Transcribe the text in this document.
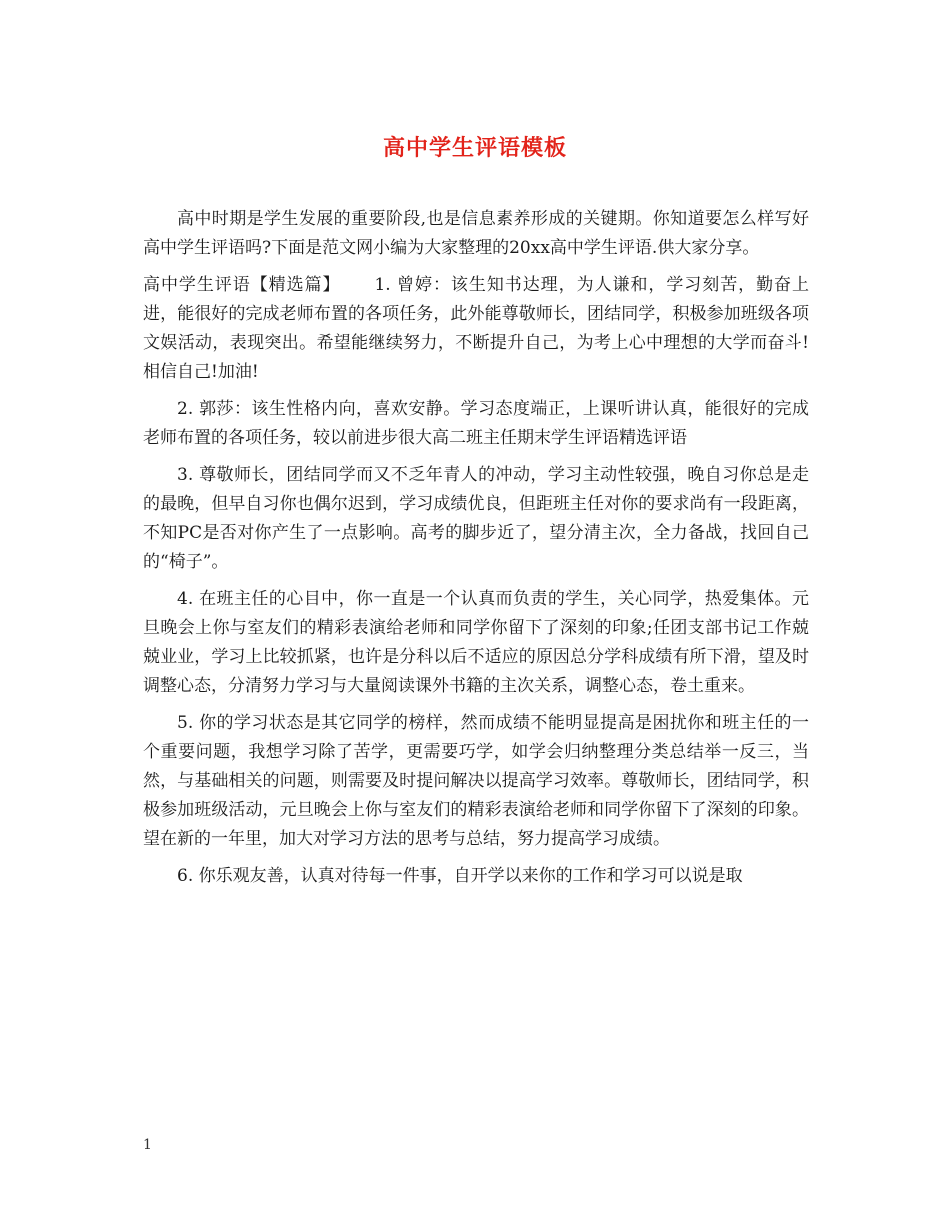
高中学生评语模板

高中时期是学生发展的重要阶段,也是信息素养形成的关键期。你知道要怎么样写好高中学生评语吗?下面是范文网小编为大家整理的20xx高中学生评语.供大家分享。

高中学生评语【精选篇】 1. 曾婷：该生知书达理，为人谦和，学习刻苦，勤奋上进，能很好的完成老师布置的各项任务，此外能尊敬师长，团结同学，积极参加班级各项文娱活动，表现突出。希望能继续努力，不断提升自己，为考上心中理想的大学而奋斗!相信自己!加油!

2. 郭莎：该生性格内向，喜欢安静。学习态度端正，上课听讲认真，能很好的完成老师布置的各项任务，较以前进步很大高二班主任期末学生评语精选评语

3. 尊敬师长，团结同学而又不乏年青人的冲动，学习主动性较强，晚自习你总是走的最晚，但早自习你也偶尔迟到，学习成绩优良，但距班主任对你的要求尚有一段距离，不知PC是否对你产生了一点影响。高考的脚步近了，望分清主次，全力备战，找回自己的“椅子”。

4. 在班主任的心目中，你一直是一个认真而负责的学生，关心同学，热爱集体。元旦晚会上你与室友们的精彩表演给老师和同学你留下了深刻的印象;任团支部书记工作兢兢业业，学习上比较抓紧，也许是分科以后不适应的原因总分学科成绩有所下滑，望及时调整心态，分清努力学习与大量阅读课外书籍的主次关系，调整心态，卷土重来。

5. 你的学习状态是其它同学的榜样，然而成绩不能明显提高是困扰你和班主任的一个重要问题，我想学习除了苦学，更需要巧学，如学会归纳整理分类总结举一反三，当然，与基础相关的问题，则需要及时提问解决以提高学习效率。尊敬师长，团结同学，积极参加班级活动，元旦晚会上你与室友们的精彩表演给老师和同学你留下了深刻的印象。望在新的一年里，加大对学习方法的思考与总结，努力提高学习成绩。

6. 你乐观友善，认真对待每一件事，自开学以来你的工作和学习可以说是取

1
